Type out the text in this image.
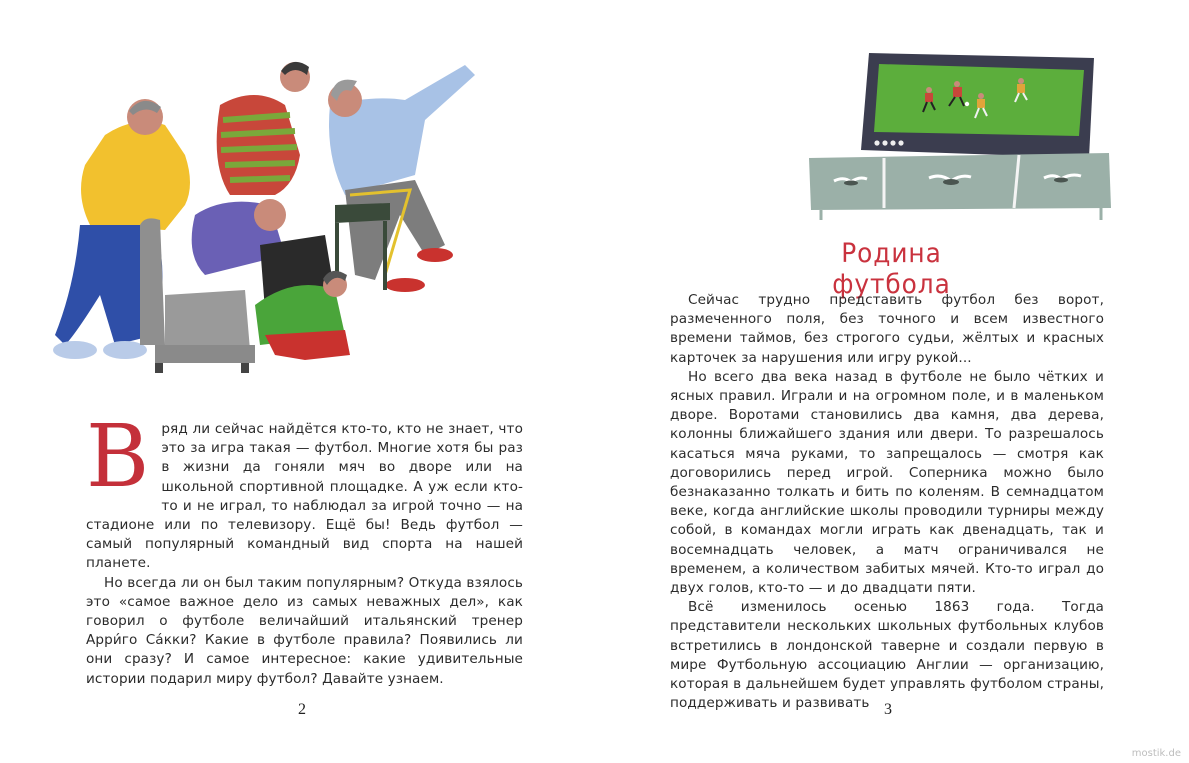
Вряд ли сейчас найдётся кто-то, кто не знает, что это за игра такая — футбол. Многие хотя бы раз в жизни да гоняли мяч во дворе или на школьной спортивной площадке. А уж если кто-то и не играл, то наблюдал за игрой точно — на стадионе или по телевизору. Ещё бы! Ведь футбол — самый популярный командный вид спорта на нашей планете.

Но всегда ли он был таким популярным? Откуда взялось это «самое важное дело из самых неважных дел», как говорил о футболе величайший итальянский тренер Арри́го Са́кки? Какие в футболе правила? Появились ли они сразу? И самое интересное: какие удивительные истории подарил миру футбол? Давайте узнаем.

2
Родина футбола

Сейчас трудно представить футбол без ворот, размеченного поля, без точного и всем известного времени таймов, без строгого судьи, жёлтых и красных карточек за нарушения или игру рукой...

Но всего два века назад в футболе не было чётких и ясных правил. Играли и на огромном поле, и в маленьком дворе. Воротами становились два камня, два дерева, колонны ближайшего здания или двери. То разрешалось касаться мяча руками, то запрещалось — смотря как договорились перед игрой. Соперника можно было безнаказанно толкать и бить по коленям. В семнадцатом веке, когда английские школы проводили турниры между собой, в командах могли играть как двенадцать, так и восемнадцать человек, а матч ограничивался не временем, а количеством забитых мячей. Кто-то играл до двух голов, кто-то — и до двадцати пяти.

Всё изменилось осенью 1863 года. Тогда представители нескольких школьных футбольных клубов встретились в лондонской таверне и создали первую в мире Футбольную ассоциацию Англии — организацию, которая в дальнейшем будет управлять футболом страны, поддерживать и развивать 3
mostik.de
